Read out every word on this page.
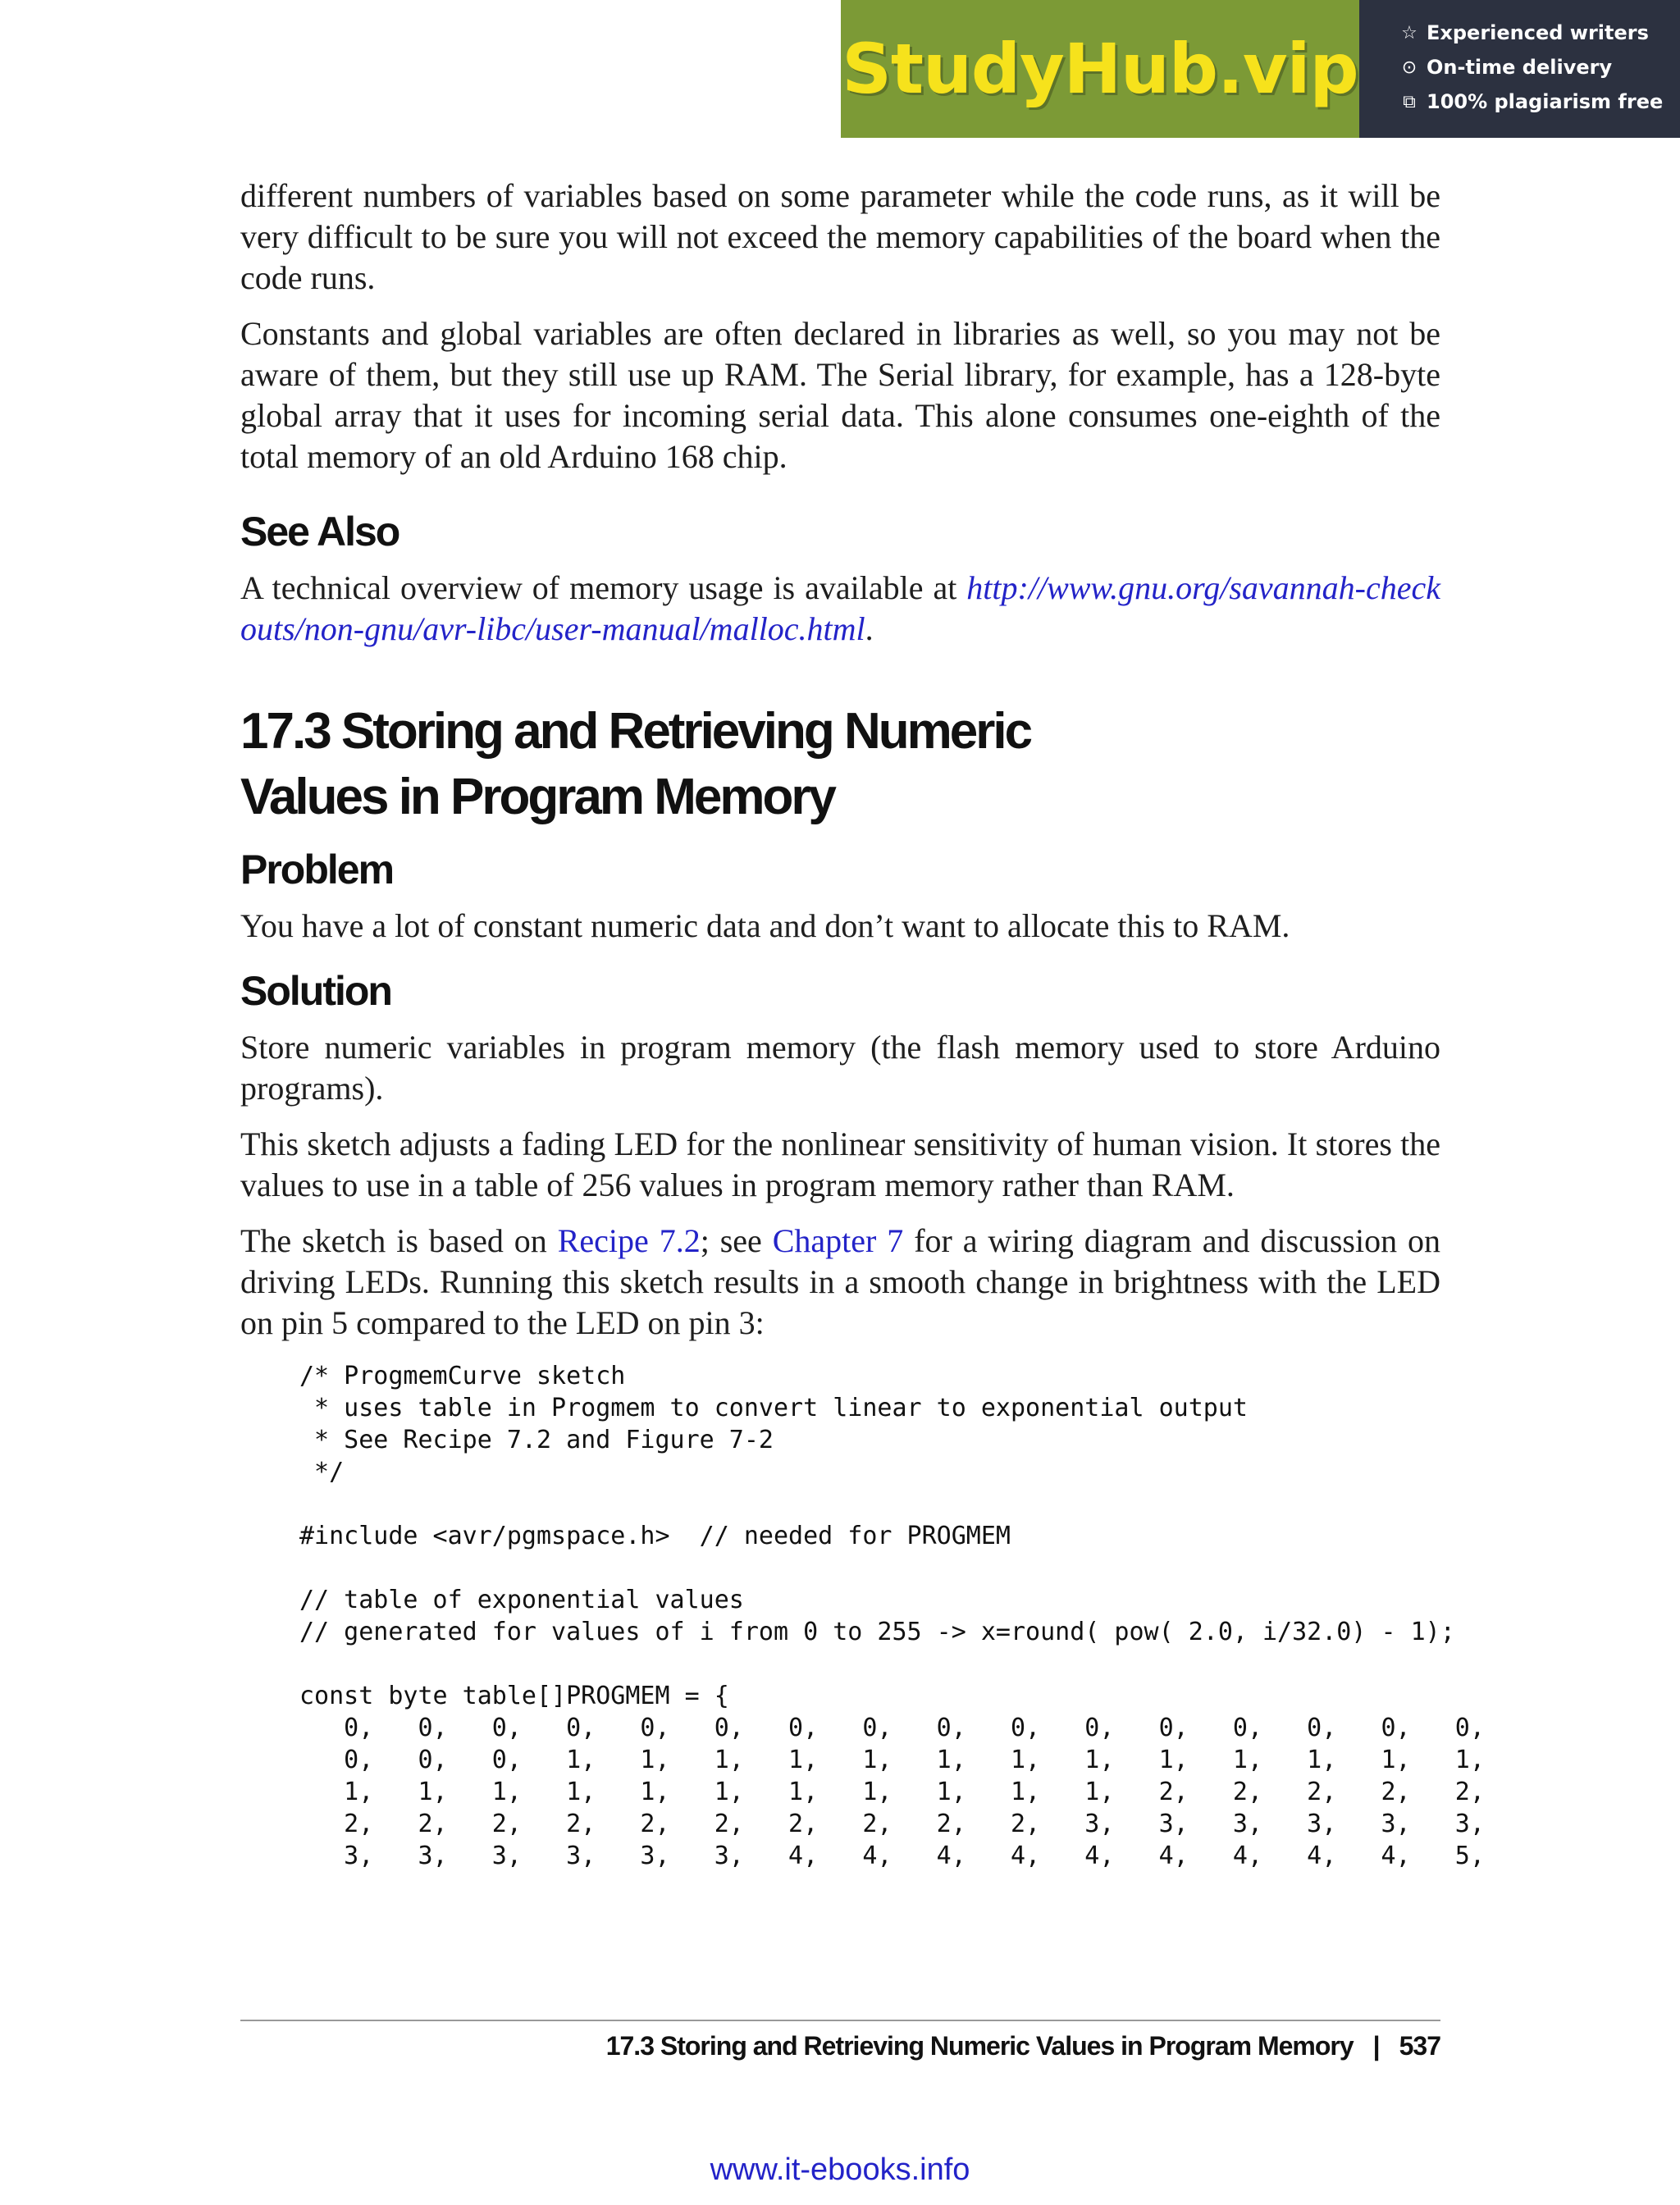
StudyHub.vip ☆ Experienced writers
⊙ On-time delivery
⧉ 100% plagiarism free

different numbers of variables based on some parameter while the code runs, as it will be very difficult to be sure you will not exceed the memory capabilities of the board when the code runs.

Constants and global variables are often declared in libraries as well, so you may not be aware of them, but they still use up RAM. The Serial library, for example, has a 128-byte global array that it uses for incoming serial data. This alone consumes one-eighth of the total memory of an old Arduino 168 chip.

See Also

A technical overview of memory usage is available at http://www.gnu.org/savannah-checkouts/non-gnu/avr-libc/user-manual/malloc.html.

17.3 Storing and Retrieving Numeric Values in Program Memory
Problem

You have a lot of constant numeric data and don’t want to allocate this to RAM.

Solution

Store numeric variables in program memory (the flash memory used to store Arduino programs).

This sketch adjusts a fading LED for the nonlinear sensitivity of human vision. It stores the values to use in a table of 256 values in program memory rather than RAM.

The sketch is based on Recipe 7.2; see Chapter 7 for a wiring diagram and discussion on driving LEDs. Running this sketch results in a smooth change in brightness with the LED on pin 5 compared to the LED on pin 3:

/* ProgmemCurve sketch
* uses table in Progmem to convert linear to exponential output
* See Recipe 7.2 and Figure 7-2
*/

#include <avr/pgmspace.h>  // needed for PROGMEM

// table of exponential values
// generated for values of i from 0 to 255 -> x=round( pow( 2.0, i/32.0) - 1);

const byte table[]PROGMEM = {
0,   0,   0,   0,   0,   0,   0,   0,   0,   0,   0,   0,   0,   0,   0,   0,
0,   0,   0,   1,   1,   1,   1,   1,   1,   1,   1,   1,   1,   1,   1,   1,
1,   1,   1,   1,   1,   1,   1,   1,   1,   1,   1,   2,   2,   2,   2,   2,
2,   2,   2,   2,   2,   2,   2,   2,   2,   2,   3,   3,   3,   3,   3,   3,
3,   3,   3,   3,   3,   3,   4,   4,   4,   4,   4,   4,   4,   4,   4,   5,
17.3 Storing and Retrieving Numeric Values in Program Memory | 537
www.it-ebooks.info
